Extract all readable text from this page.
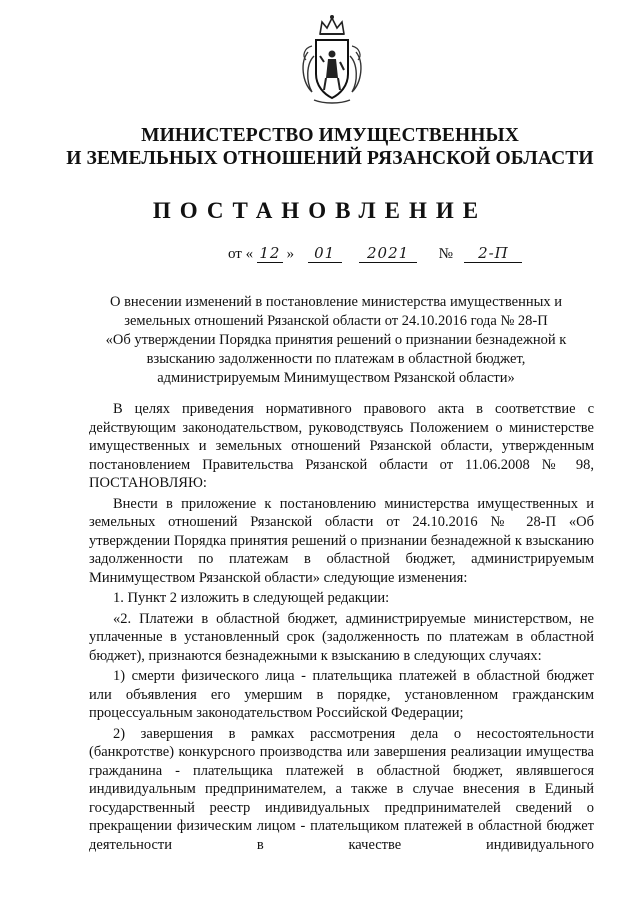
МИНИСТЕРСТВО ИМУЩЕСТВЕННЫХ
И ЗЕМЕЛЬНЫХ ОТНОШЕНИЙ РЯЗАНСКОЙ ОБЛАСТИ
ПОСТАНОВЛЕНИЕ
от « 12 » 01 2021 № 2-П
О внесении изменений в постановление министерства имущественных и
земельных отношений Рязанской области от 24.10.2016 года № 28-П
«Об утверждении Порядка принятия решений о признании безнадежной к
взысканию задолженности по платежам в областной бюджет,
администрируемым Минимуществом Рязанской области»

В целях приведения нормативного правового акта в соответствие с действующим законодательством, руководствуясь Положением о министерстве имущественных и земельных отношений Рязанской области, утвержденным постановлением Правительства Рязанской области от 11.06.2008 № 98, ПОСТАНОВЛЯЮ:

Внести в приложение к постановлению министерства имущественных и земельных отношений Рязанской области от 24.10.2016 № 28-П «Об утверждении Порядка принятия решений о признании безнадежной к взысканию задолженности по платежам в областной бюджет, администрируемым Минимуществом Рязанской области» следующие изменения:

1. Пункт 2 изложить в следующей редакции:

«2. Платежи в областной бюджет, администрируемые министерством, не уплаченные в установленный срок (задолженность по платежам в областной бюджет), признаются безнадежными к взысканию в следующих случаях:

1) смерти физического лица - плательщика платежей в областной бюджет или объявления его умершим в порядке, установленном гражданским процессуальным законодательством Российской Федерации;

2) завершения в рамках рассмотрения дела о несостоятельности (банкротстве) конкурсного производства или завершения реализации имущества гражданина - плательщика платежей в областной бюджет, являвшегося индивидуальным предпринимателем, а также в случае внесения в Единый государственный реестр индивидуальных предпринимателей сведений о прекращении физическим лицом - плательщиком платежей в областной бюджет деятельности в качестве индивидуального
